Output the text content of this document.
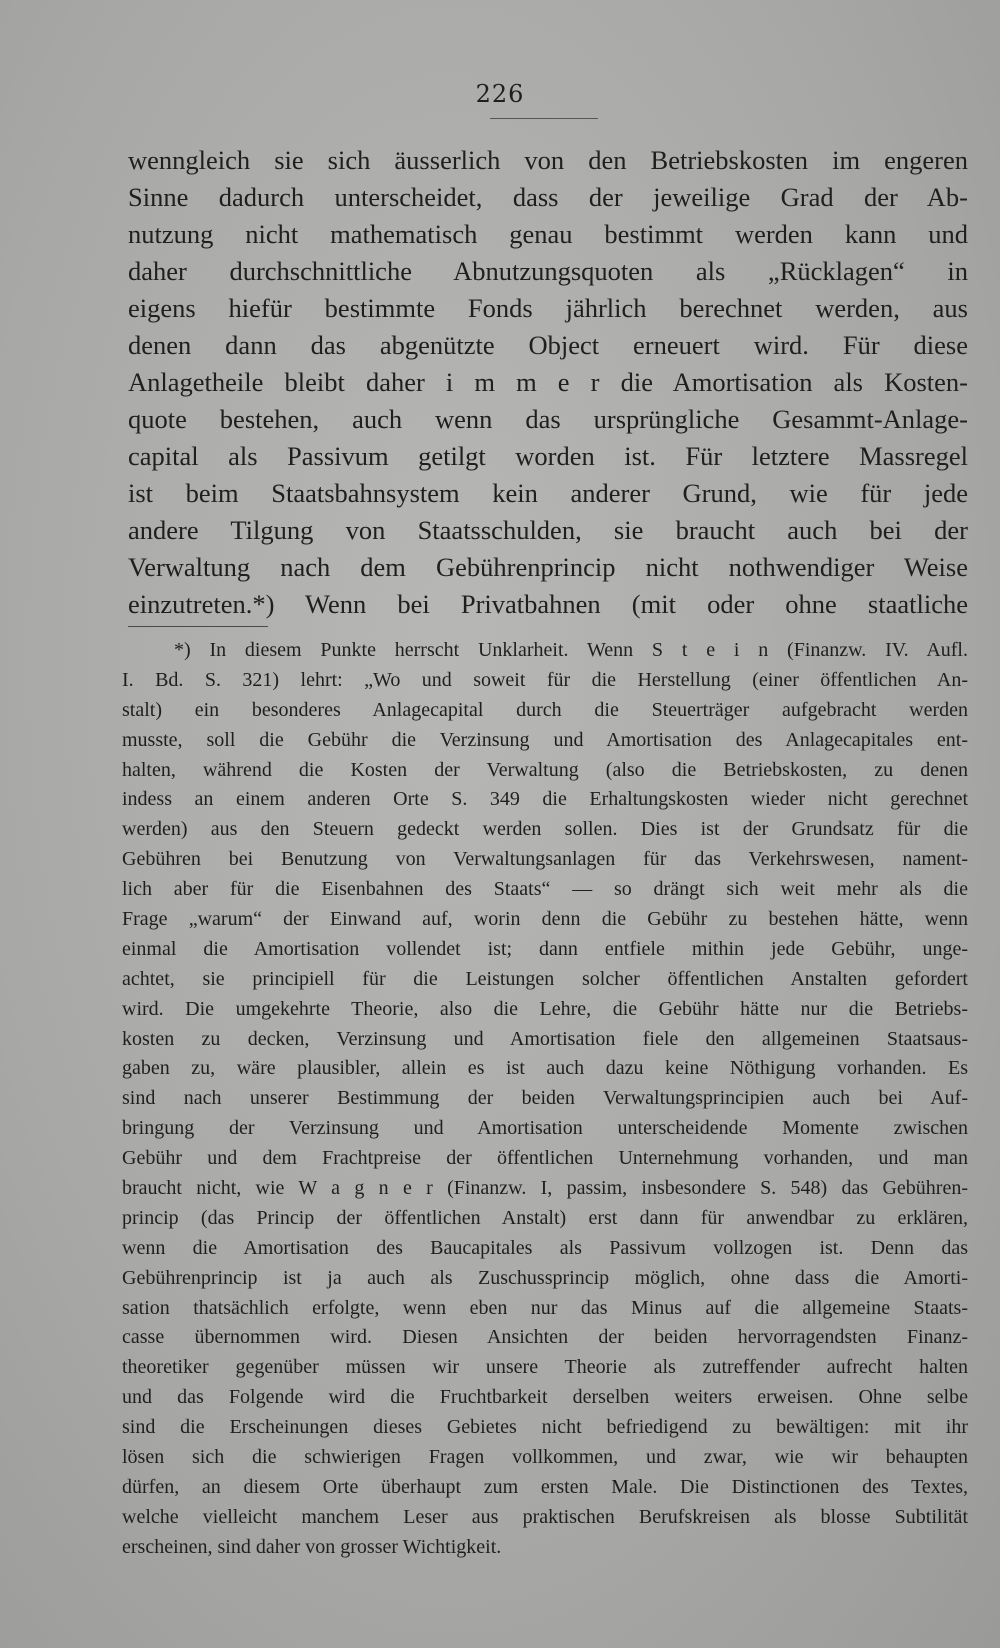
226
wenngleich sie sich äusserlich von den Betriebskosten im engeren
Sinne dadurch unterscheidet, dass der jeweilige Grad der Ab-
nutzung nicht mathematisch genau bestimmt werden kann und
daher durchschnittliche Abnutzungsquoten als „Rücklagen“ in
eigens hiefür bestimmte Fonds jährlich berechnet werden, aus
denen dann das abgenützte Object erneuert wird. Für diese
Anlagetheile bleibt daher i m m e r die Amortisation als Kosten-
quote bestehen, auch wenn das ursprüngliche Gesammt-Anlage-
capital als Passivum getilgt worden ist. Für letztere Massregel
ist beim Staatsbahnsystem kein anderer Grund, wie für jede
andere Tilgung von Staatsschulden, sie braucht auch bei der
Verwaltung nach dem Gebührenprincip nicht nothwendiger Weise
einzutreten.*) Wenn bei Privatbahnen (mit oder ohne staatliche
*) In diesem Punkte herrscht Unklarheit. Wenn S t e i n (Finanzw. IV. Aufl.
I. Bd. S. 321) lehrt: „Wo und soweit für die Herstellung (einer öffentlichen An-
stalt) ein besonderes Anlagecapital durch die Steuerträger aufgebracht werden
musste, soll die Gebühr die Verzinsung und Amortisation des Anlagecapitales ent-
halten, während die Kosten der Verwaltung (also die Betriebskosten, zu denen
indess an einem anderen Orte S. 349 die Erhaltungskosten wieder nicht gerechnet
werden) aus den Steuern gedeckt werden sollen. Dies ist der Grundsatz für die
Gebühren bei Benutzung von Verwaltungsanlagen für das Verkehrswesen, nament-
lich aber für die Eisenbahnen des Staats“ — so drängt sich weit mehr als die
Frage „warum“ der Einwand auf, worin denn die Gebühr zu bestehen hätte, wenn
einmal die Amortisation vollendet ist; dann entfiele mithin jede Gebühr, unge-
achtet, sie principiell für die Leistungen solcher öffentlichen Anstalten gefordert
wird. Die umgekehrte Theorie, also die Lehre, die Gebühr hätte nur die Betriebs-
kosten zu decken, Verzinsung und Amortisation fiele den allgemeinen Staatsaus-
gaben zu, wäre plausibler, allein es ist auch dazu keine Nöthigung vorhanden. Es
sind nach unserer Bestimmung der beiden Verwaltungsprincipien auch bei Auf-
bringung der Verzinsung und Amortisation unterscheidende Momente zwischen
Gebühr und dem Frachtpreise der öffentlichen Unternehmung vorhanden, und man
braucht nicht, wie W a g n e r (Finanzw. I, passim, insbesondere S. 548) das Gebühren-
princip (das Princip der öffentlichen Anstalt) erst dann für anwendbar zu erklären,
wenn die Amortisation des Baucapitales als Passivum vollzogen ist. Denn das
Gebührenprincip ist ja auch als Zuschussprincip möglich, ohne dass die Amorti-
sation thatsächlich erfolgte, wenn eben nur das Minus auf die allgemeine Staats-
casse übernommen wird. Diesen Ansichten der beiden hervorragendsten Finanz-
theoretiker gegenüber müssen wir unsere Theorie als zutreffender aufrecht halten
und das Folgende wird die Fruchtbarkeit derselben weiters erweisen. Ohne selbe
sind die Erscheinungen dieses Gebietes nicht befriedigend zu bewältigen: mit ihr
lösen sich die schwierigen Fragen vollkommen, und zwar, wie wir behaupten
dürfen, an diesem Orte überhaupt zum ersten Male. Die Distinctionen des Textes,
welche vielleicht manchem Leser aus praktischen Berufskreisen als blosse Subtilität
erscheinen, sind daher von grosser Wichtigkeit.
